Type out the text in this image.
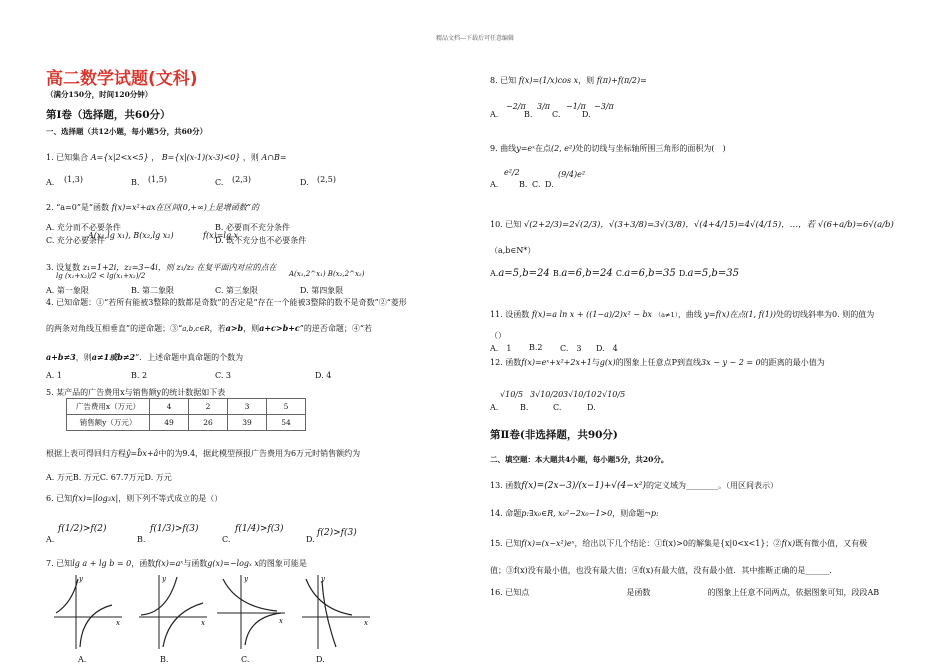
精品文档---下载后可任意编辑
高二数学试题(文科)
（满分150分，时间120分钟）
第Ⅰ卷（选择题，共60分）
一、选择题（共12小题，每小题5分，共60分）
1. 已知集合 A={x|2<x<5} ， B={x|(x-1)(x-3)<0} ，则 A∩B=
A. (1,3)	B. (1,5)	C. (2,3)	D. (2,5)
2. “a=0”是“函数 f(x)=x²+ax在区间(0,+∞)上是增函数”的
A. 充分而不必要条件	B. 必要而不充分条件
C. 充分必要条件	D. 既不充分也不必要条件
A(x₁,lg x₁), B(x₂,lg x₂)	f(x)=lg x
3. 设复数 z₁=1+2i，z₂=3−4i，则 z₁/z₂ 在复平面内对应的点在
lg (x₁+x₂)/2 < lg(x₁+x₂)/2	A(x₁,2^x₁) B(x₂,2^x₂)
A. 第一象限	B. 第二象限	C. 第三象限	D. 第四象限
4. 已知命题：①“若所有能被3整除的数都是奇数”的否定是“存在一个能被3整除的数不是奇数”②“菱形
的两条对角线互相垂直”的逆命题；③“a,b,c∈R，若a>b，则a+c>b+c”的逆否命题；④“若
a+b≠3，则a≠1或b≠2”．上述命题中真命题的个数为
A. 1	B. 2	C. 3	D. 4
5. 某产品的广告费用x与销售额y的统计数据如下表
广告费用x（万元）	4	2	3	5
销售额y（万元）	49	26	39	54
根据上表可得回归方程ŷ=b̂x+â中的为9.4，据此模型预报广告费用为6万元时销售额约为
A. 万元B. 万元C. 67.7万元D. 万元
6. 已知f(x)=|log₃x|，则下列不等式成立的是（）
A.
f(1/2)>f(2)
B.
f(1/3)>f(3)
C.
f(1/4)>f(3)
D.
f(2)>f(3)
7. 已知lg a + lg b = 0，函数f(x)=aˣ与函数g(x)=−logₓ x的图象可能是
x
y
x
y
x
y
x
y
A.	B.	C.	D.
8. 已知 f(x)=(1/x)cos x，则 f(π)+f(π/2)=
A.
−2/π
B.
3/π
C.
−1/π
D.
−3/π
9. 曲线y=eˣ在点(2, e²)处的切线与坐标轴所围三角形的面积为(　)
A.
e²/2
B. C. D.
(9/4)e²
10. 已知 √(2+2/3)=2√(2/3)，√(3+3/8)=3√(3/8)，√(4+4/15)=4√(4/15)，…，若 √(6+a/b)=6√(a/b)
（a,b∈N*）
A.a=5,b=24 B.a=6,b=24 C.a=6,b=35 D.a=5,b=35
11. 设函数 f(x)=a ln x + ((1−a)/2)x² − bx （a≠1），曲线 y=f(x)在点(1, f(1))处的切线斜率为0. 则的值为
（）
A.　1 B.2 C.　3 D.　4
12. 函数f(x)=eˣ+x²+2x+1与g(x)的图象上任意点P到直线3x − y − 2 = 0的距离的最小值为
A.
√10/5
B.
3√10/20
C.
3√10/10
D.
2√10/5
第Ⅱ卷(非选择题，共90分)
二、填空题：本大题共4小题，每小题5分，共20分。
13. 函数f(x)=(2x−3)/(x−1)+√(4−x²)的定义域为________。（用区间表示）
14. 命题p:∃x₀∈R, x₀²−2x₀−1>0，则命题¬p:
15. 已知f(x)=(x−x²)eˣ，给出以下几个结论：①f(x)>0的解集是{x|0<x<1}；②f(x)既有微小值，又有极
值；③f(x)没有最小值，也没有最大值；④f(x)有最大值，没有最小值．其中推断正确的是______.
16. 已知点	是函数	的图象上任意不同两点，依据图象可知，段段AB
